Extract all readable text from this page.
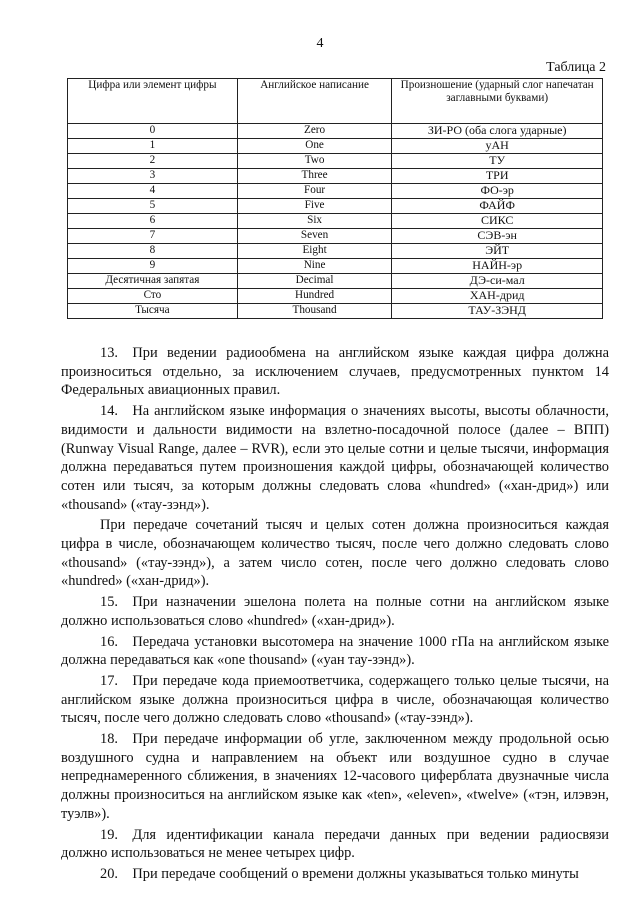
4
Таблица 2
Цифра или элемент цифры	Английское написание	Произношение (ударный слог напечатан заглавными буквами)
0	Zero	ЗИ-РО (оба слога ударные)
1	One	уАН
2	Two	ТУ
3	Three	ТРИ
4	Four	ФО-эр
5	Five	ФАЙФ
6	Six	СИКС
7	Seven	СЭВ-эн
8	Eight	ЭЙТ
9	Nine	НАЙН-эр
Десятичная запятая	Decimal	ДЭ-си-мал
Сто	Hundred	ХАН-дрид
Тысяча	Thousand	ТАУ-ЗЭНД

13. При ведении радиообмена на английском языке каждая цифра должна произноситься отдельно, за исключением случаев, предусмотренных пунктом 14 Федеральных авиационных правил.

14. На английском языке информация о значениях высоты, высоты облачности, видимости и дальности видимости на взлетно-посадочной полосе (далее – ВПП) (Runway Visual Range, далее – RVR), если это целые сотни и целые тысячи, информация должна передаваться путем произношения каждой цифры, обозначающей количество сотен или тысяч, за которым должны следовать слова «hundred» («хан-дрид») или «thousand» («тау-зэнд»).

При передаче сочетаний тысяч и целых сотен должна произноситься каждая цифра в числе, обозначающем количество тысяч, после чего должно следовать слово «thousand» («тау-зэнд»), а затем число сотен, после чего должно следовать слово «hundred» («хан-дрид»).

15. При назначении эшелона полета на полные сотни на английском языке должно использоваться слово «hundred» («хан-дрид»).

16. Передача установки высотомера на значение 1000 гПа на английском языке должна передаваться как «one thousand» («уан тау-зэнд»).

17. При передаче кода приемоответчика, содержащего только целые тысячи, на английском языке должна произноситься цифра в числе, обозначающая количество тысяч, после чего должно следовать слово «thousand» («тау-зэнд»).

18. При передаче информации об угле, заключенном между продольной осью воздушного судна и направлением на объект или воздушное судно в случае непреднамеренного сближения, в значениях 12-часового циферблата двузначные числа должны произноситься на английском языке как «ten», «eleven», «twelve» («тэн, илэвэн, туэлв»).

19. Для идентификации канала передачи данных при ведении радиосвязи должно использоваться не менее четырех цифр.

20. При передаче сообщений о времени должны указываться только минуты
